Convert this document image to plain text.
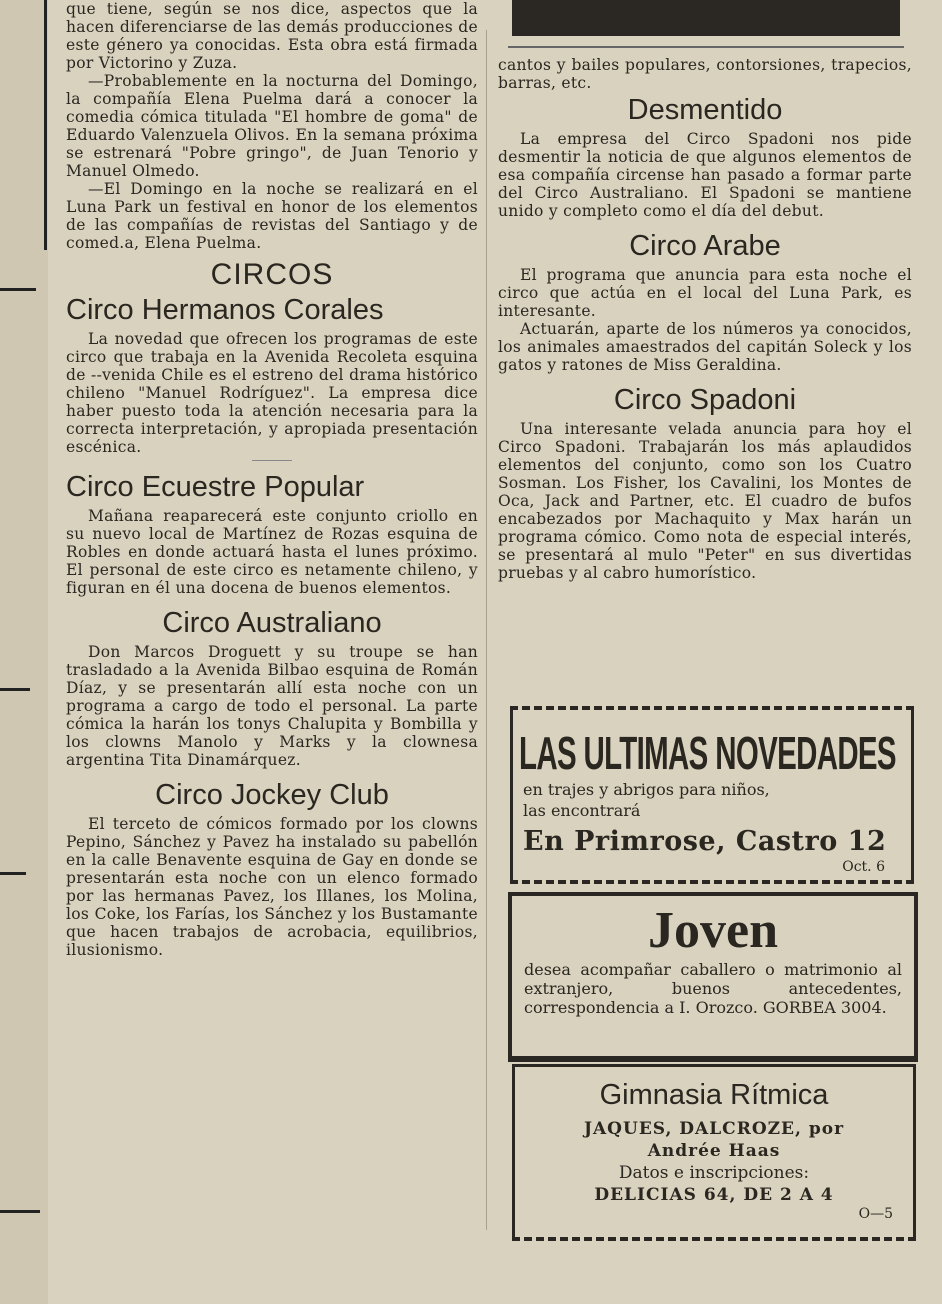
que tiene, según se nos dice, aspectos que la hacen diferenciarse de las demás producciones de este género ya conocidas. Esta obra está firmada por Victorino y Zuza.

—Probablemente en la nocturna del Domingo, la compañía Elena Puelma dará a conocer la comedia cómica titulada "El hombre de goma" de Eduardo Valenzuela Olivos. En la semana próxima se estrenará "Pobre gringo", de Juan Tenorio y Manuel Olmedo.

—El Domingo en la noche se realizará en el Luna Park un festival en honor de los elementos de las compañías de revistas del Santiago y de comed.a, Elena Puelma.

CIRCOS
Circo Hermanos Corales

La novedad que ofrecen los programas de este circo que trabaja en la Avenida Recoleta esquina de --venida Chile es el estreno del drama histórico chileno "Manuel Rodríguez". La empresa dice haber puesto toda la atención necesaria para la correcta interpretación, y apropiada presentación escénica.

Circo Ecuestre Popular

Mañana reaparecerá este conjunto criollo en su nuevo local de Martínez de Rozas esquina de Robles en donde actuará hasta el lunes próximo. El personal de este circo es netamente chileno, y figuran en él una docena de buenos elementos.

Circo Australiano

Don Marcos Droguett y su troupe se han trasladado a la Avenida Bilbao esquina de Román Díaz, y se presentarán allí esta noche con un programa a cargo de todo el personal. La parte cómica la harán los tonys Chalupita y Bombilla y los clowns Manolo y Marks y la clownesa argentina Tita Dinamárquez.

Circo Jockey Club

El terceto de cómicos formado por los clowns Pepino, Sánchez y Pavez ha instalado su pabellón en la calle Benavente esquina de Gay en donde se presentarán esta noche con un elenco formado por las hermanas Pavez, los Illanes, los Molina, los Coke, los Farías, los Sánchez y los Bustamante que hacen trabajos de acrobacia, equilibrios, ilusionismo.

cantos y bailes populares, contorsiones, trapecios, barras, etc.

Desmentido

La empresa del Circo Spadoni nos pide desmentir la noticia de que algunos elementos de esa compañía circense han pasado a formar parte del Circo Australiano. El Spadoni se mantiene unido y completo como el día del debut.

Circo Arabe

El programa que anuncia para esta noche el circo que actúa en el local del Luna Park, es interesante.

Actuarán, aparte de los números ya conocidos, los animales amaestrados del capitán Soleck y los gatos y ratones de Miss Geraldina.

Circo Spadoni

Una interesante velada anuncia para hoy el Circo Spadoni. Trabajarán los más aplaudidos elementos del conjunto, como son los Cuatro Sosman. Los Fisher, los Cavalini, los Montes de Oca, Jack and Partner, etc. El cuadro de bufos encabezados por Machaquito y Max harán un programa cómico. Como nota de especial interés, se presentará al mulo "Peter" en sus divertidas pruebas y al cabro humorístico.

LAS ULTIMAS NOVEDADES
en trajes y abrigos para niños,
las encontrará
En Primrose, Castro 12
Oct. 6
Joven
desea acompañar caballero o matrimonio al extranjero, buenos antecedentes, correspondencia a I. Orozco. GORBEA 3004.
Gimnasia Rítmica
JAQUES, DALCROZE, por
Andrée Haas
Datos e inscripciones:
DELICIAS 64, DE 2 A 4
O—5
